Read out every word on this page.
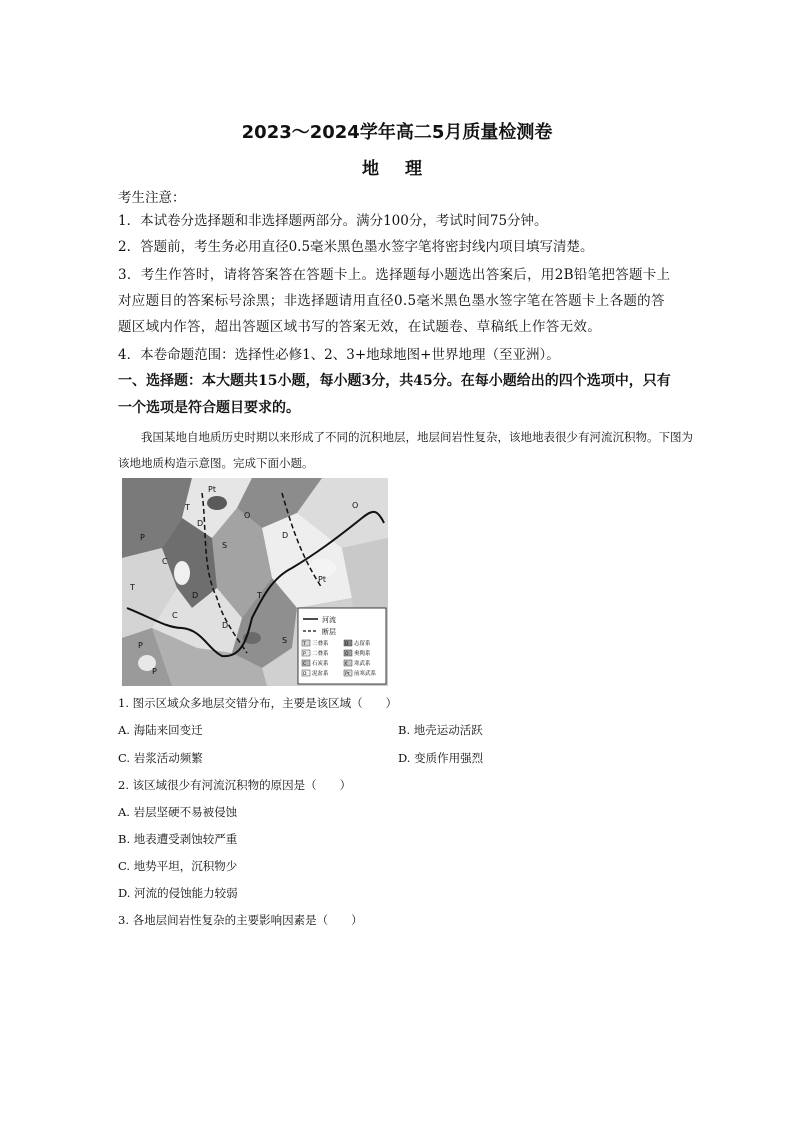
2023～2024学年高二5月质量检测卷
地 理
考生注意：
1．本试卷分选择题和非选择题两部分。满分100分，考试时间75分钟。
2．答题前，考生务必用直径0.5毫米黑色墨水签字笔将密封线内项目填写清楚。
3．考生作答时，请将答案答在答题卡上。选择题每小题选出答案后，用2B铅笔把答题卡上对应题目的答案标号涂黑；非选择题请用直径0.5毫米黑色墨水签字笔在答题卡上各题的答题区域内作答，超出答题区域书写的答案无效，在试题卷、草稿纸上作答无效。
4．本卷命题范围：选择性必修1、2、3+地球地图+世界地理（至亚洲）。
一、选择题：本大题共15小题，每小题3分，共45分。在每小题给出的四个选项中，只有一个选项是符合题目要求的。
我国某地自地质历史时期以来形成了不同的沉积地层，地层间岩性复杂，该地地表很少有河流沉积物。下图为该地地质构造示意图。完成下面小题。
Pt
T
D
P
C
S
O
T
D
P
Pt
C
D
T
P
S
D
O
河流
断层
T 三叠系	D 志留系
P 二叠系	O 奥陶系
C 石炭系	€ 寒武系
D 泥盆系	Pt 前寒武系
1. 图示区域众多地层交错分布，主要是该区域（　　）
A. 海陆来回变迁	B. 地壳运动活跃
C. 岩浆活动频繁	D. 变质作用强烈
2. 该区域很少有河流沉积物的原因是（　　）
A. 岩层坚硬不易被侵蚀
B. 地表遭受剥蚀较严重
C. 地势平坦，沉积物少
D. 河流的侵蚀能力较弱
3. 各地层间岩性复杂的主要影响因素是（　　）
